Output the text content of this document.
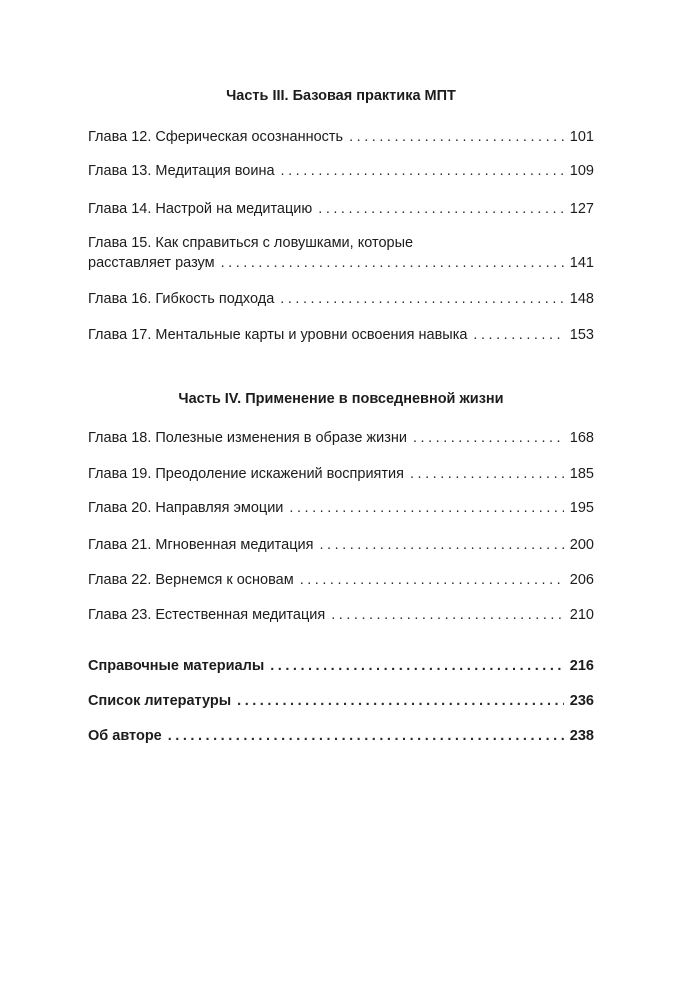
Часть III. Базовая практика МПТ
Глава 12. Сферическая осознанность . . .	101
Глава 13. Медитация воина . . .	109
Глава 14. Настрой на медитацию . . .	127
Глава 15. Как справиться с ловушками, которые
расставляет разум . . .	141
Глава 16. Гибкость подхода . . .	148
Глава 17. Ментальные карты и уровни освоения навыка . . .	153
Часть IV. Применение в повседневной жизни
Глава 18. Полезные изменения в образе жизни . . .	168
Глава 19. Преодоление искажений восприятия . . .	185
Глава 20. Направляя эмоции . . .	195
Глава 21. Мгновенная медитация . . .	200
Глава 22. Вернемся к основам . . .	206
Глава 23. Естественная медитация . . .	210
Справочные материалы . . .	216
Список литературы . . .	236
Об авторе . . .	238
